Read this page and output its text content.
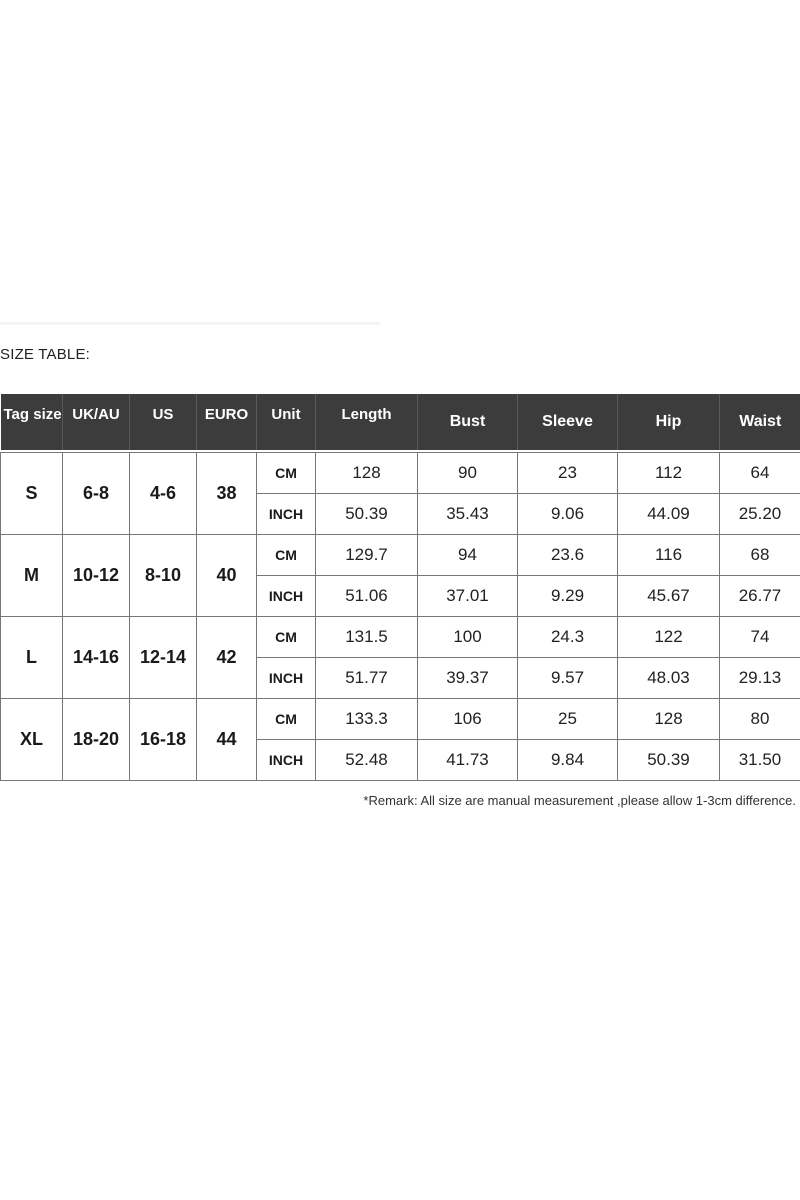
SIZE TABLE:
Tag size	UK/AU	US	EURO	Unit	Length	Bust	Sleeve	Hip	Waist

S	6-8	4-6	38	CM	128	90	23	112	64
				INCH	50.39	35.43	9.06	44.09	25.20
M	10-12	8-10	40	CM	129.7	94	23.6	116	68
				INCH	51.06	37.01	9.29	45.67	26.77
L	14-16	12-14	42	CM	131.5	100	24.3	122	74
				INCH	51.77	39.37	9.57	48.03	29.13
XL	18-20	16-18	44	CM	133.3	106	25	128	80
				INCH	52.48	41.73	9.84	50.39	31.50
*Remark: All size are manual measurement ,please allow 1-3cm difference.
